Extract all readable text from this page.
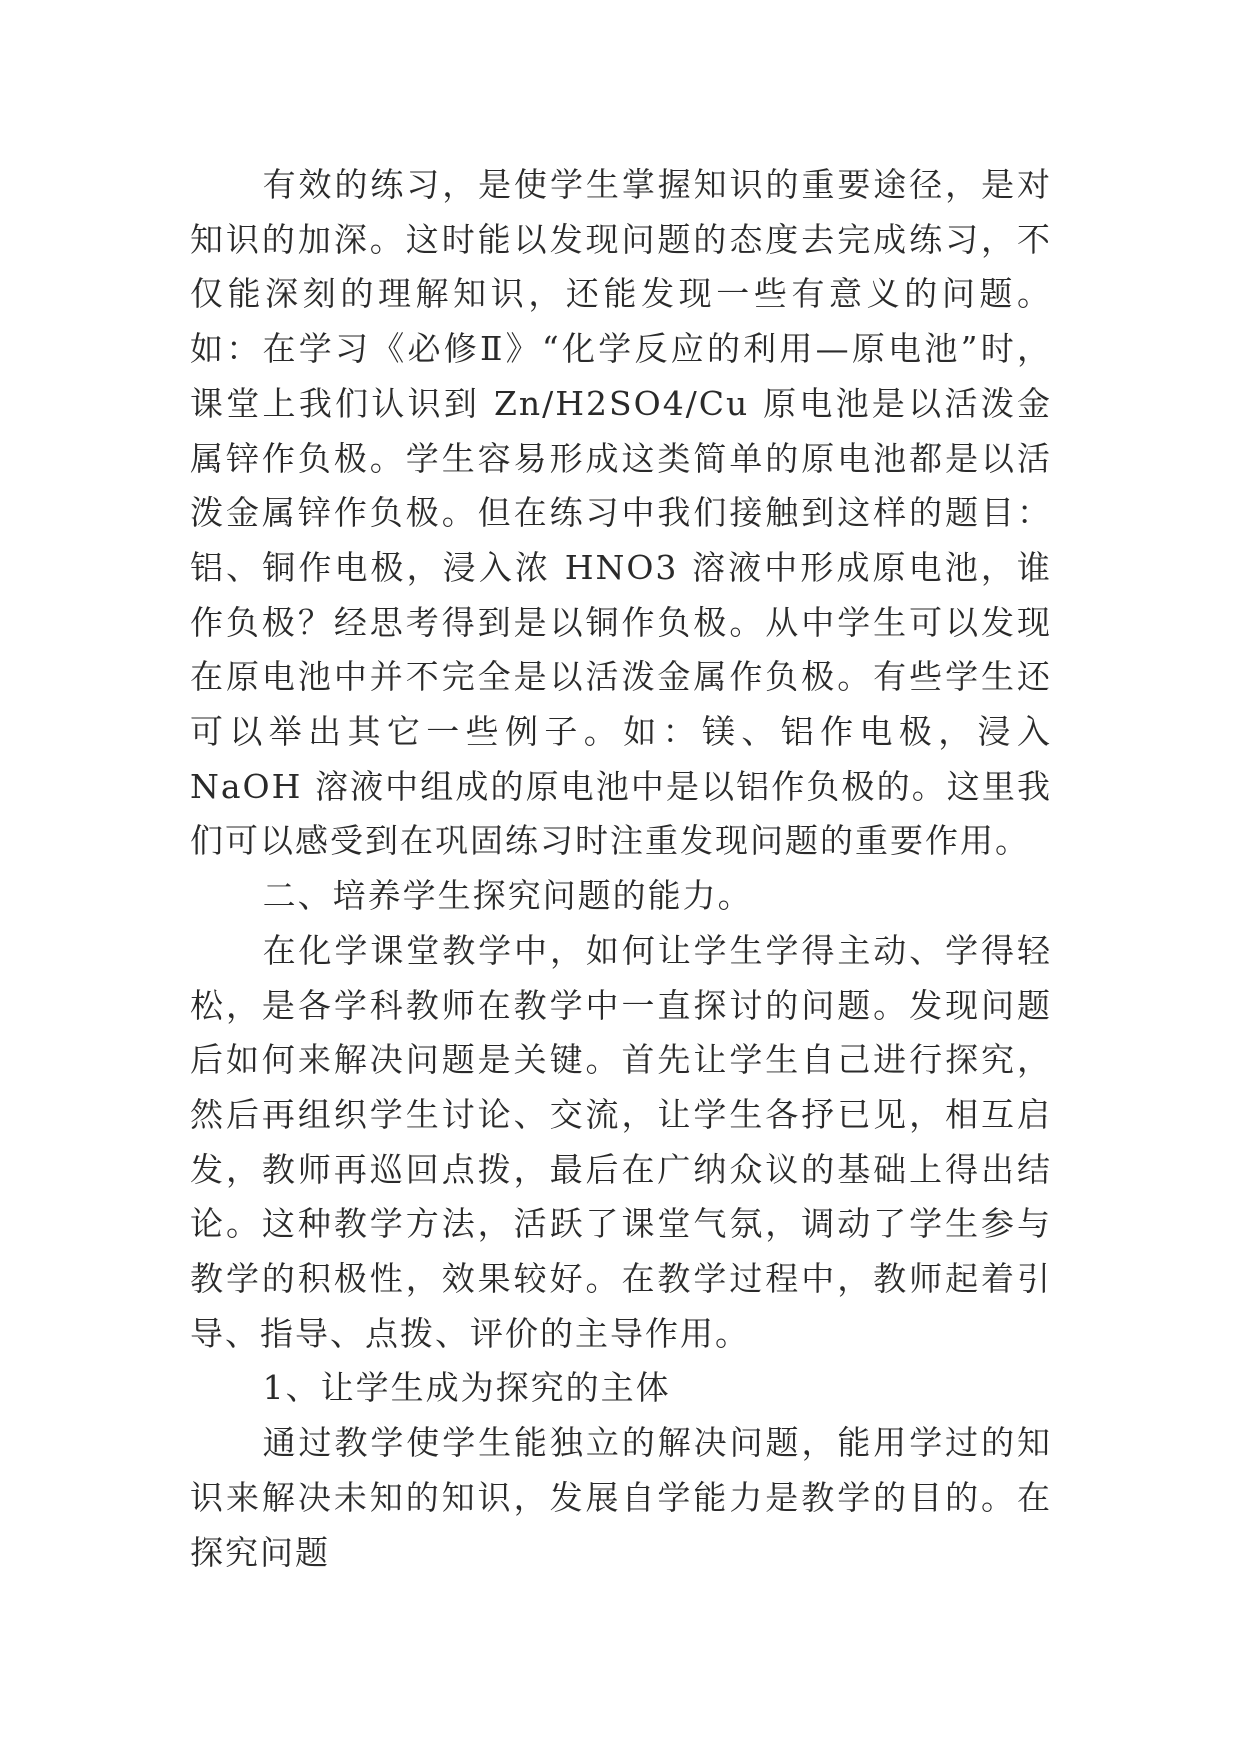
有效的练习，是使学生掌握知识的重要途径，是对知识的加深。这时能以发现问题的态度去完成练习，不仅能深刻的理解知识，还能发现一些有意义的问题。如：在学习《必修Ⅱ》“化学反应的利用—原电池”时，课堂上我们认识到 Zn/H2SO4/Cu 原电池是以活泼金属锌作负极。学生容易形成这类简单的原电池都是以活泼金属锌作负极。但在练习中我们接触到这样的题目：铝、铜作电极，浸入浓 HNO3 溶液中形成原电池，谁作负极？经思考得到是以铜作负极。从中学生可以发现在原电池中并不完全是以活泼金属作负极。有些学生还可以举出其它一些例子。如：镁、铝作电极，浸入 NaOH 溶液中组成的原电池中是以铝作负极的。这里我们可以感受到在巩固练习时注重发现问题的重要作用。

二、培养学生探究问题的能力。

在化学课堂教学中，如何让学生学得主动、学得轻松，是各学科教师在教学中一直探讨的问题。发现问题后如何来解决问题是关键。首先让学生自己进行探究，然后再组织学生讨论、交流，让学生各抒已见，相互启发，教师再巡回点拨，最后在广纳众议的基础上得出结论。这种教学方法，活跃了课堂气氛，调动了学生参与教学的积极性，效果较好。在教学过程中，教师起着引导、指导、点拨、评价的主导作用。

1、让学生成为探究的主体

通过教学使学生能独立的解决问题，能用学过的知识来解决未知的知识，发展自学能力是教学的目的。在探究问题
